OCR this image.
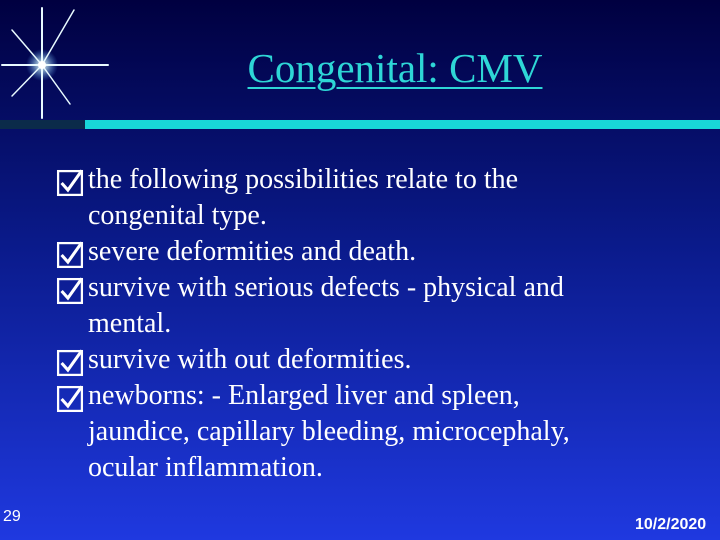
Congenital: CMV
the following possibilities relate to the
congenital type.
severe deformities and death.
survive with serious defects - physical and
mental.
survive with out deformities.
newborns: - Enlarged liver and spleen,
jaundice, capillary bleeding, microcephaly,
ocular inflammation.
29	10/2/2020
